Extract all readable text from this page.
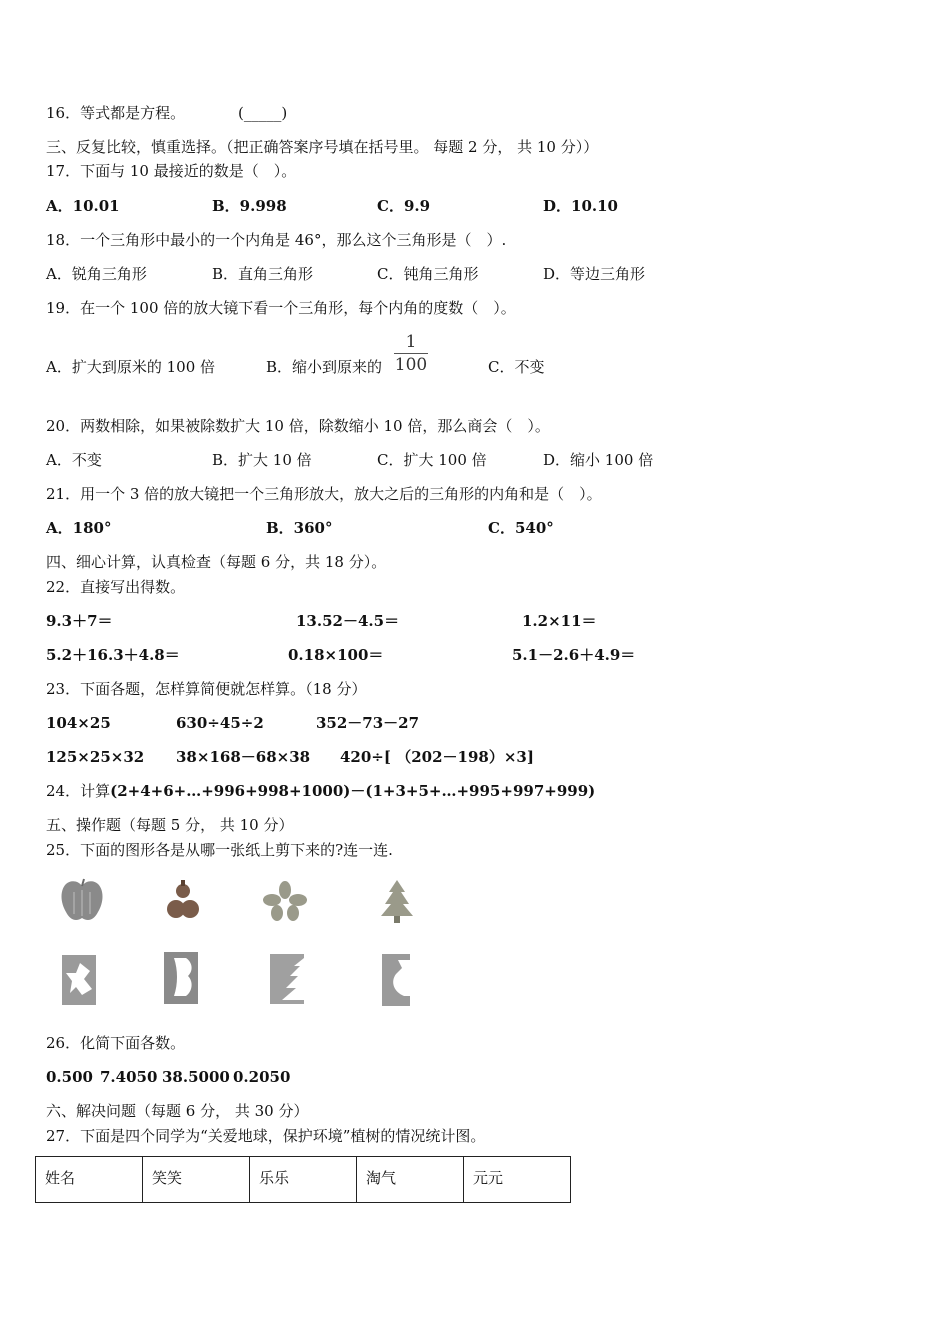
16．等式都是方程。	(_____)
三、反复比较，慎重选择。（把正确答案序号填在括号里。 每题 2 分， 共 10 分））
17．下面与 10 最接近的数是（　）。
A．10.01	B．9.998	C．9.9	D．10.10
18．一个三角形中最小的一个内角是 46°，那么这个三角形是（　）.
A．锐角三角形	B．直角三角形	C．钝角三角形	D．等边三角形
19．在一个 100 倍的放大镜下看一个三角形，每个内角的度数（　）。
A．扩大到原米的 100 倍	B．缩小到原来的
1
100	C．不变
20．两数相除，如果被除数扩大 10 倍，除数缩小 10 倍，那么商会（　）。
A．不变	B．扩大 10 倍	C．扩大 100 倍	D．缩小 100 倍
21．用一个 3 倍的放大镜把一个三角形放大，放大之后的三角形的内角和是（　）。
A．180°	B．360°	C．540°
四、细心计算，认真检查（每题 6 分，共 18 分）。
22．直接写出得数。
9.3＋7＝	13.52－4.5＝	1.2×11＝
5.2＋16.3＋4.8＝	0.18×100＝	5.1－2.6＋4.9＝
23．下面各题，怎样算简便就怎样算。（18 分）
104×25	630÷45÷2	352－73－27
125×25×32 38×168－68×38 420÷[ （202－198）×3]
24．计算(2+4+6+…+996+998+1000)－(1+3+5+…+995+997+999)
五、操作题（每题 5 分， 共 10 分）
25．下面的图形各是从哪一张纸上剪下来的?连一连.
26．化简下面各数。
0.500 7.4050 38.5000 0.2050
六、解决问题（每题 6 分， 共 30 分）
27．下面是四个同学为“关爱地球，保护环境”植树的情况统计图。
姓名	笑笑	乐乐	淘气	元元
